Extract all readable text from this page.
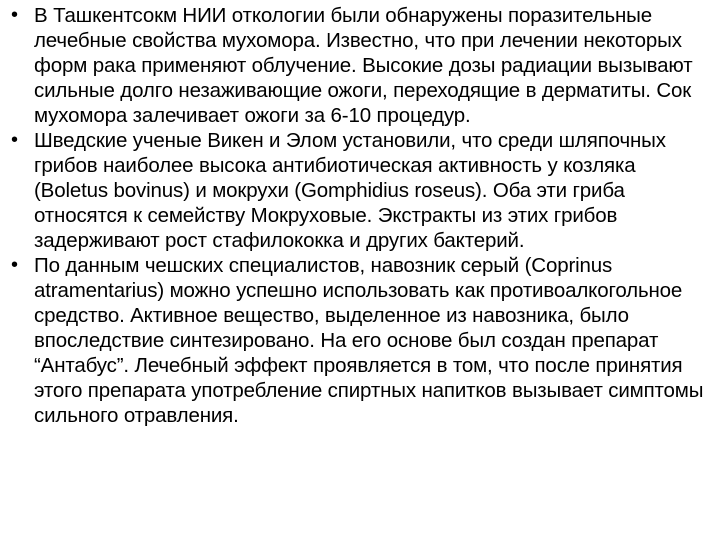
• В Ташкентсокм НИИ откологии были обнаружены поразительные лечебные свойства мухомора. Известно, что при лечении некоторых форм рака применяют облучение. Высокие дозы радиации вызывают сильные долго незаживающие ожоги, переходящие в дерматиты. Сок мухомора залечивает ожоги за 6-10 процедур.
• Шведские ученые Викен и Элом установили, что среди шляпочных грибов наиболее высока антибиотическая активность у козляка (Boletus bovinus) и мокрухи (Gomphidius roseus). Оба эти гриба относятся к семейству Мокруховые. Экстракты из этих грибов задерживают рост стафилококка и других бактерий.
• По данным чешских специалистов, навозник серый (Coprinus atramentarius) можно успешно использовать как противоалкогольное средство. Активное вещество, выделенное из навозника, было впоследствие синтезировано. На его основе был создан препарат “Антабус”. Лечебный эффект проявляется в том, что после принятия этого препарата употребление спиртных напитков вызывает симптомы сильного отравления.
